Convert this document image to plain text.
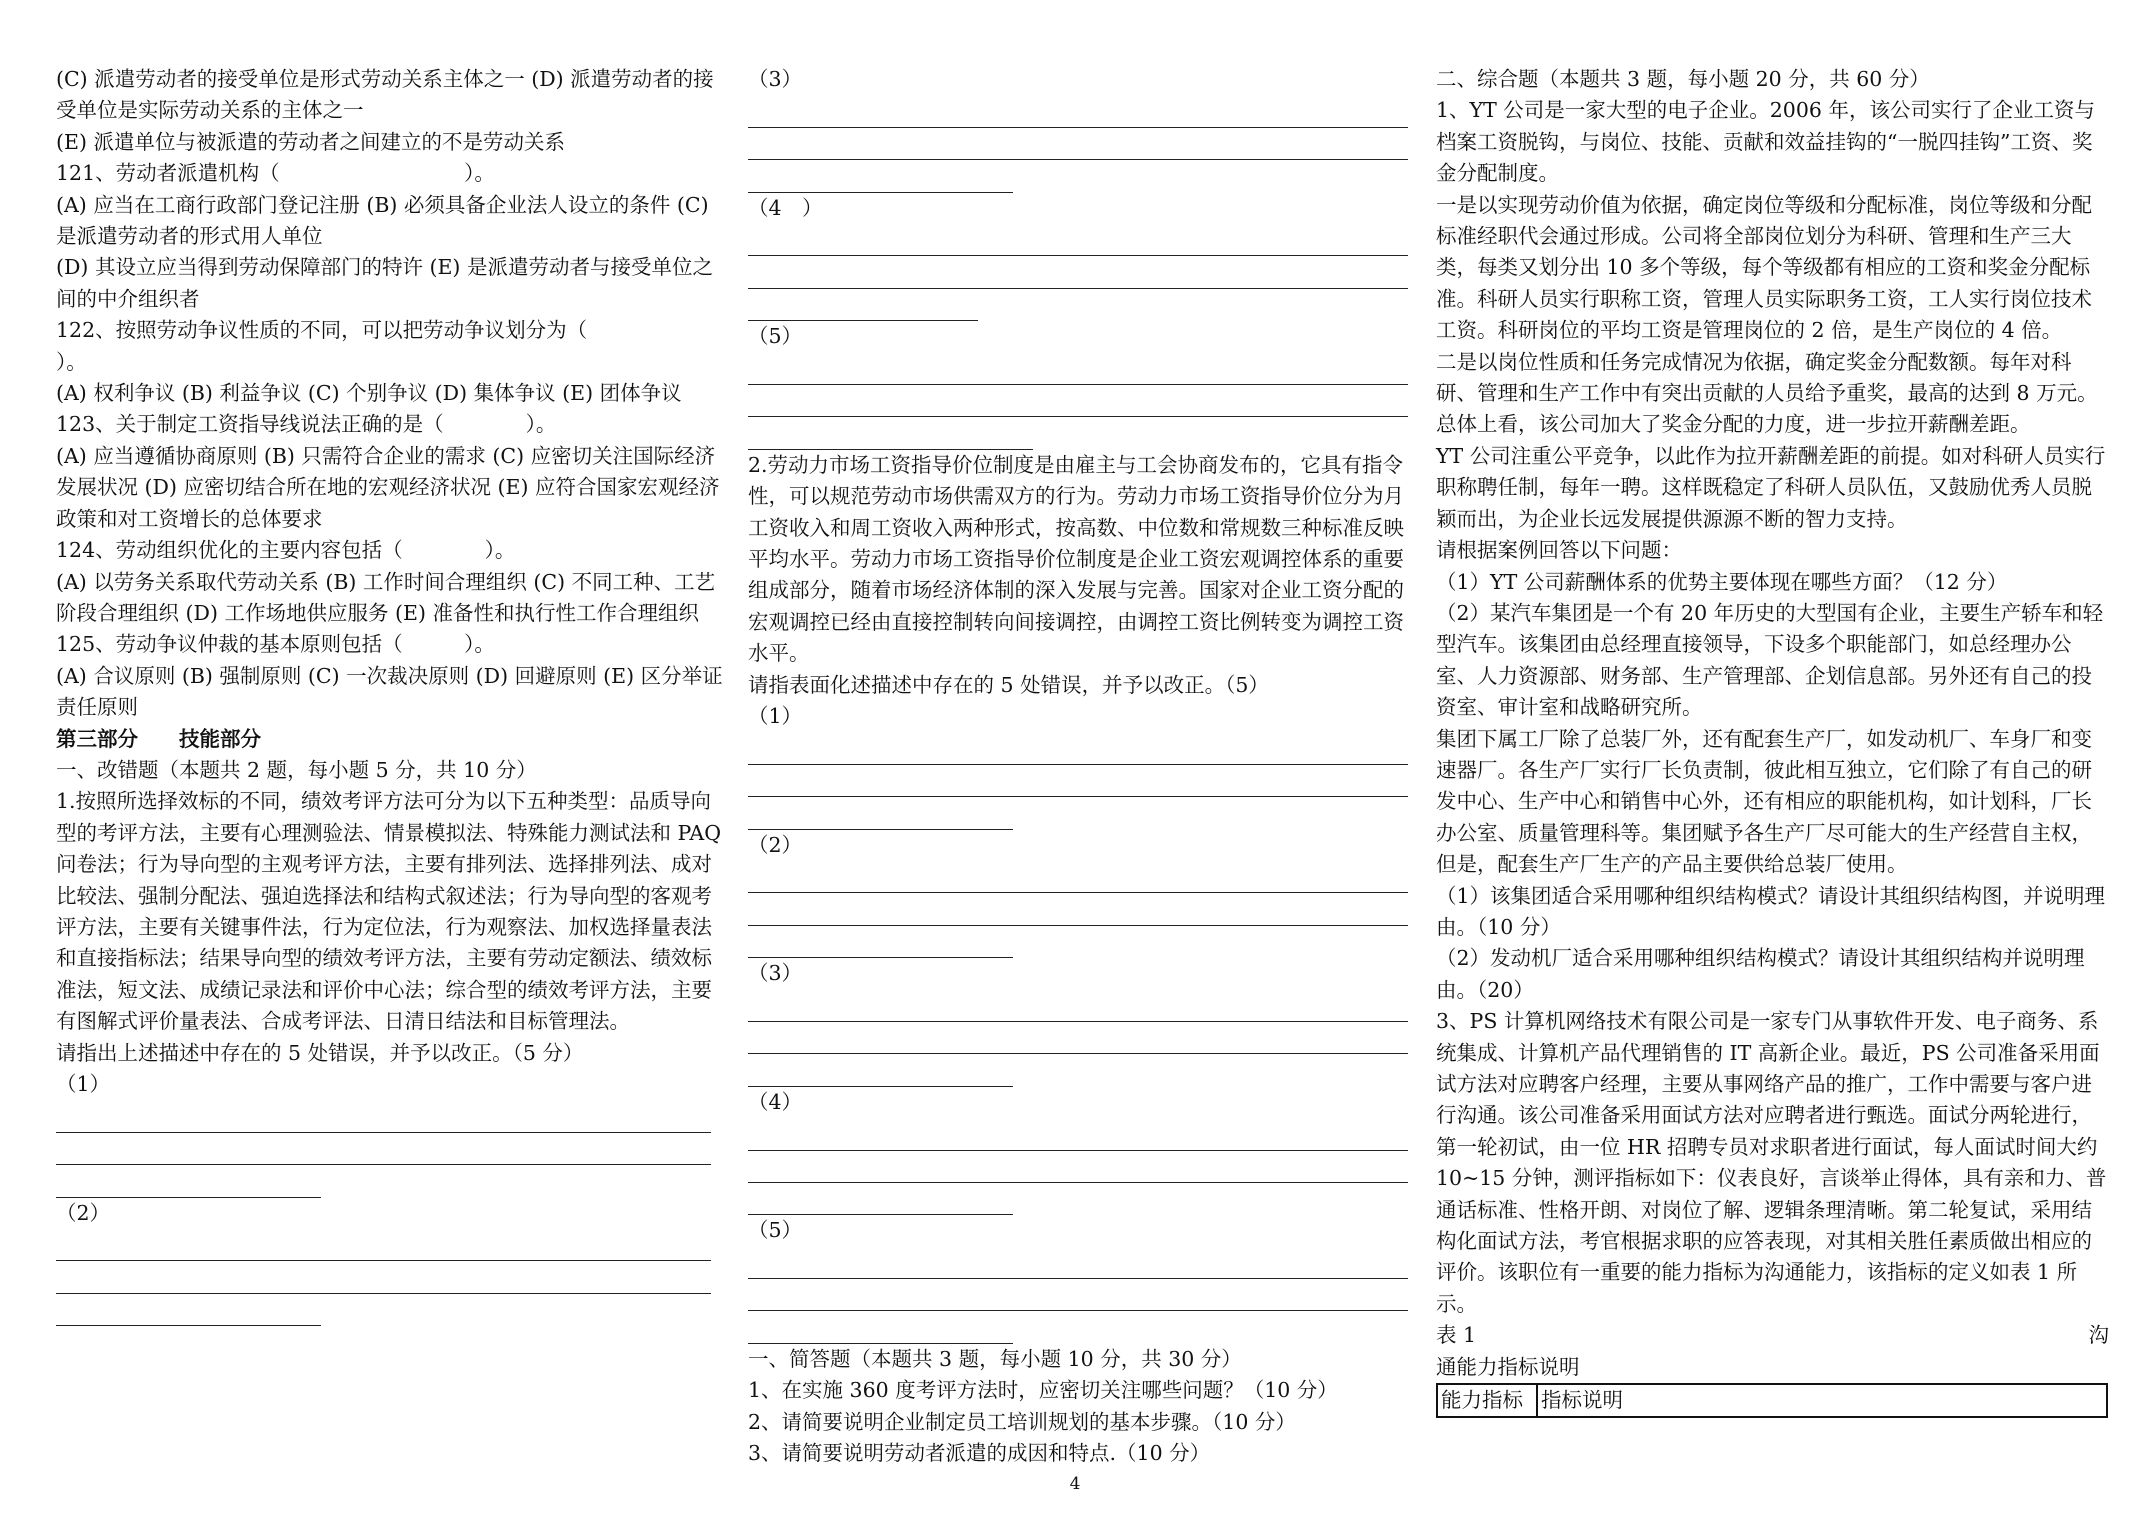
(C) 派遣劳动者的接受单位是形式劳动关系主体之一 (D) 派遣劳动者的接受单位是实际劳动关系的主体之一
(E) 派遣单位与被派遣的劳动者之间建立的不是劳动关系
121、劳动者派遣机构（　　　　　　　　　）。
(A) 应当在工商行政部门登记注册 (B) 必须具备企业法人设立的条件 (C) 是派遣劳动者的形式用人单位
(D) 其设立应当得到劳动保障部门的特许 (E) 是派遣劳动者与接受单位之间的中介组织者
122、按照劳动争议性质的不同，可以把劳动争议划分为（　　　　　　）。
(A) 权利争议 (B) 利益争议 (C) 个别争议 (D) 集体争议 (E) 团体争议
123、关于制定工资指导线说法正确的是（　　　　）。
(A) 应当遵循协商原则 (B) 只需符合企业的需求 (C) 应密切关注国际经济发展状况 (D) 应密切结合所在地的宏观经济状况 (E) 应符合国家宏观经济政策和对工资增长的总体要求
124、劳动组织优化的主要内容包括（　　　　）。
(A) 以劳务关系取代劳动关系 (B) 工作时间合理组织 (C) 不同工种、工艺阶段合理组织 (D) 工作场地供应服务 (E) 准备性和执行性工作合理组织
125、劳动争议仲裁的基本原则包括（　　　）。
(A) 合议原则 (B) 强制原则 (C) 一次裁决原则 (D) 回避原则 (E) 区分举证责任原则
第三部分　　技能部分
一、改错题（本题共 2 题，每小题 5 分，共 10 分）
1.按照所选择效标的不同，绩效考评方法可分为以下五种类型：品质导向型的考评方法，主要有心理测验法、情景模拟法、特殊能力测试法和 PAQ 问卷法；行为导向型的主观考评方法，主要有排列法、选择排列法、成对比较法、强制分配法、强迫选择法和结构式叙述法；行为导向型的客观考评方法，主要有关键事件法，行为定位法，行为观察法、加权选择量表法和直接指标法；结果导向型的绩效考评方法，主要有劳动定额法、绩效标准法，短文法、成绩记录法和评价中心法；综合型的绩效考评方法，主要有图解式评价量表法、合成考评法、日清日结法和目标管理法。
请指出上述描述中存在的 5 处错误，并予以改正。（5 分）
（1）
（2）
（3）
（4　）
（5）
2.劳动力市场工资指导价位制度是由雇主与工会协商发布的，它具有指令性，可以规范劳动市场供需双方的行为。劳动力市场工资指导价位分为月工资收入和周工资收入两种形式，按高数、中位数和常规数三种标准反映平均水平。劳动力市场工资指导价位制度是企业工资宏观调控体系的重要组成部分，随着市场经济体制的深入发展与完善。国家对企业工资分配的宏观调控已经由直接控制转向间接调控，由调控工资比例转变为调控工资水平。
请指表面化述描述中存在的 5 处错误，并予以改正。（5）
（1）
（2）
（3）
（4）
（5）
一、简答题（本题共 3 题，每小题 10 分，共 30 分）
1、在实施 360 度考评方法时，应密切关注哪些问题？（10 分）
2、请简要说明企业制定员工培训规划的基本步骤。（10 分）
3、请简要说明劳动者派遣的成因和特点.（10 分）
二、综合题（本题共 3 题，每小题 20 分，共 60 分）
1、YT 公司是一家大型的电子企业。2006 年，该公司实行了企业工资与档案工资脱钩，与岗位、技能、贡献和效益挂钩的“一脱四挂钩”工资、奖金分配制度。
一是以实现劳动价值为依据，确定岗位等级和分配标准，岗位等级和分配标准经职代会通过形成。公司将全部岗位划分为科研、管理和生产三大类，每类又划分出 10 多个等级，每个等级都有相应的工资和奖金分配标准。科研人员实行职称工资，管理人员实际职务工资，工人实行岗位技术工资。科研岗位的平均工资是管理岗位的 2 倍，是生产岗位的 4 倍。
二是以岗位性质和任务完成情况为依据，确定奖金分配数额。每年对科研、管理和生产工作中有突出贡献的人员给予重奖，最高的达到 8 万元。总体上看，该公司加大了奖金分配的力度，进一步拉开薪酬差距。
YT 公司注重公平竞争，以此作为拉开薪酬差距的前提。如对科研人员实行职称聘任制，每年一聘。这样既稳定了科研人员队伍，又鼓励优秀人员脱颖而出，为企业长远发展提供源源不断的智力支持。
请根据案例回答以下问题：
（1）YT 公司薪酬体系的优势主要体现在哪些方面？（12 分）
（2）某汽车集团是一个有 20 年历史的大型国有企业，主要生产轿车和轻型汽车。该集团由总经理直接领导，下设多个职能部门，如总经理办公室、人力资源部、财务部、生产管理部、企划信息部。另外还有自己的投资室、审计室和战略研究所。
集团下属工厂除了总装厂外，还有配套生产厂，如发动机厂、车身厂和变速器厂。各生产厂实行厂长负责制，彼此相互独立，它们除了有自己的研发中心、生产中心和销售中心外，还有相应的职能机构，如计划科，厂长办公室、质量管理科等。集团赋予各生产厂尽可能大的生产经营自主权，但是，配套生产厂生产的产品主要供给总装厂使用。
（1）该集团适合采用哪种组织结构模式？请设计其组织结构图，并说明理由。（10 分）
（2）发动机厂适合采用哪种组织结构模式？请设计其组织结构并说明理由。（20）
3、PS 计算机网络技术有限公司是一家专门从事软件开发、电子商务、系统集成、计算机产品代理销售的 IT 高新企业。最近，PS 公司准备采用面试方法对应聘客户经理，主要从事网络产品的推广，工作中需要与客户进行沟通。该公司准备采用面试方法对应聘者进行甄选。面试分两轮进行，第一轮初试，由一位 HR 招聘专员对求职者进行面试，每人面试时间大约 10~15 分钟，测评指标如下：仪表良好，言谈举止得体，具有亲和力、普通话标准、性格开朗、对岗位了解、逻辑条理清晰。第二轮复试，采用结构化面试方法，考官根据求职的应答表现，对其相关胜任素质做出相应的评价。该职位有一重要的能力指标为沟通能力，该指标的定义如表 1 所示。
表 1	沟
通能力指标说明
能力指标	指标说明
4
